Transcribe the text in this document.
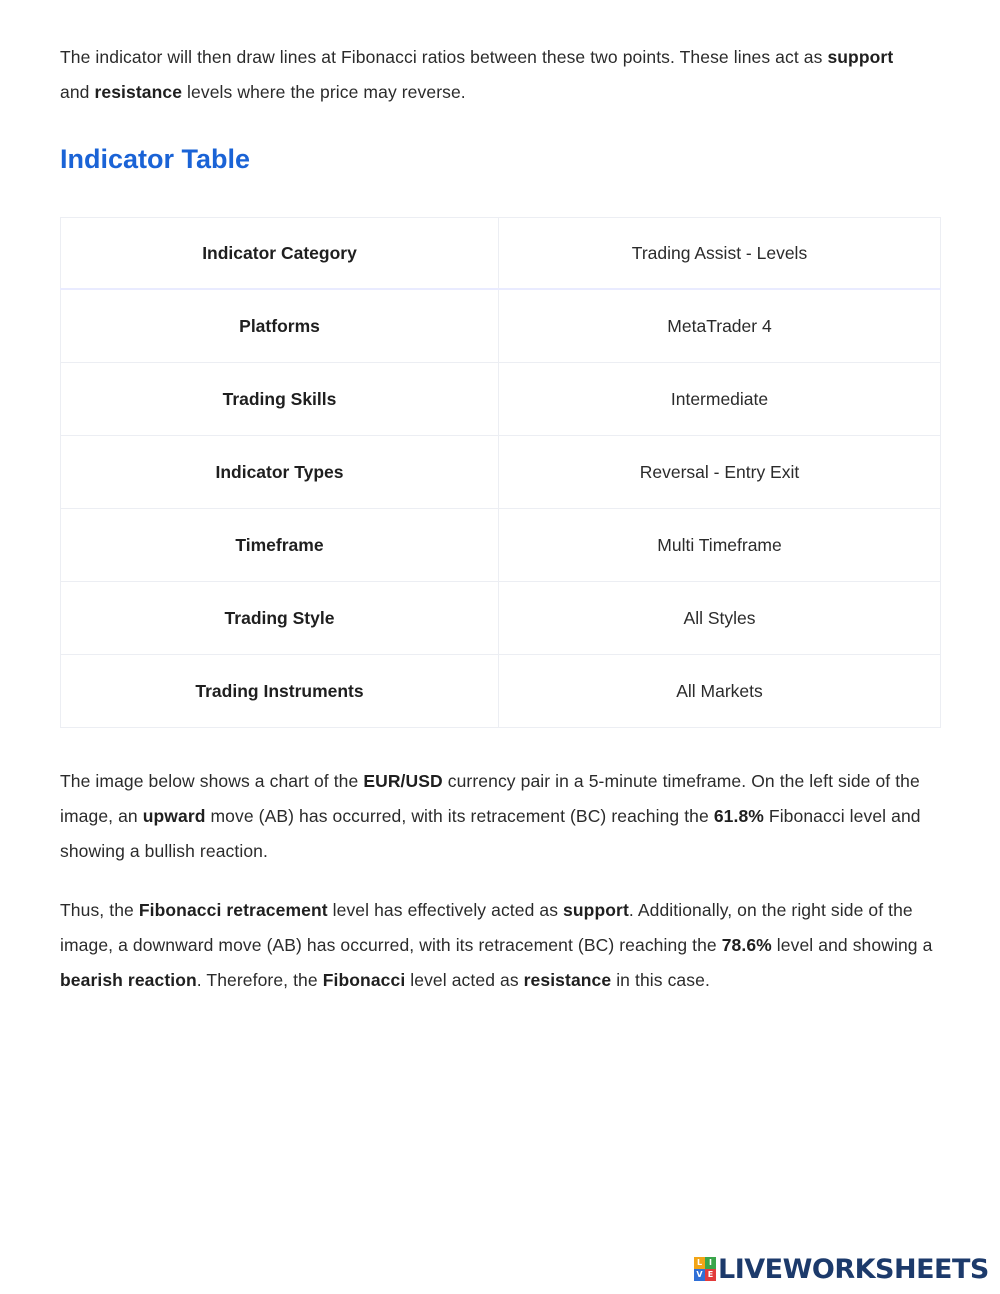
The indicator will then draw lines at Fibonacci ratios between these two points. These lines act as support and resistance levels where the price may reverse.

Indicator Table
Indicator Category	Trading Assist - Levels
Platforms	MetaTrader 4
Trading Skills	Intermediate
Indicator Types	Reversal - Entry Exit
Timeframe	Multi Timeframe
Trading Style	All Styles
Trading Instruments	All Markets

The image below shows a chart of the EUR/USD currency pair in a 5-minute timeframe. On the left side of the image, an upward move (AB) has occurred, with its retracement (BC) reaching the 61.8% Fibonacci level and showing a bullish reaction.

Thus, the Fibonacci retracement level has effectively acted as support. Additionally, on the right side of the image, a downward move (AB) has occurred, with its retracement (BC) reaching the 78.6% level and showing a bearish reaction. Therefore, the Fibonacci level acted as resistance in this case.

L I
V E LIVEWORKSHEETS
